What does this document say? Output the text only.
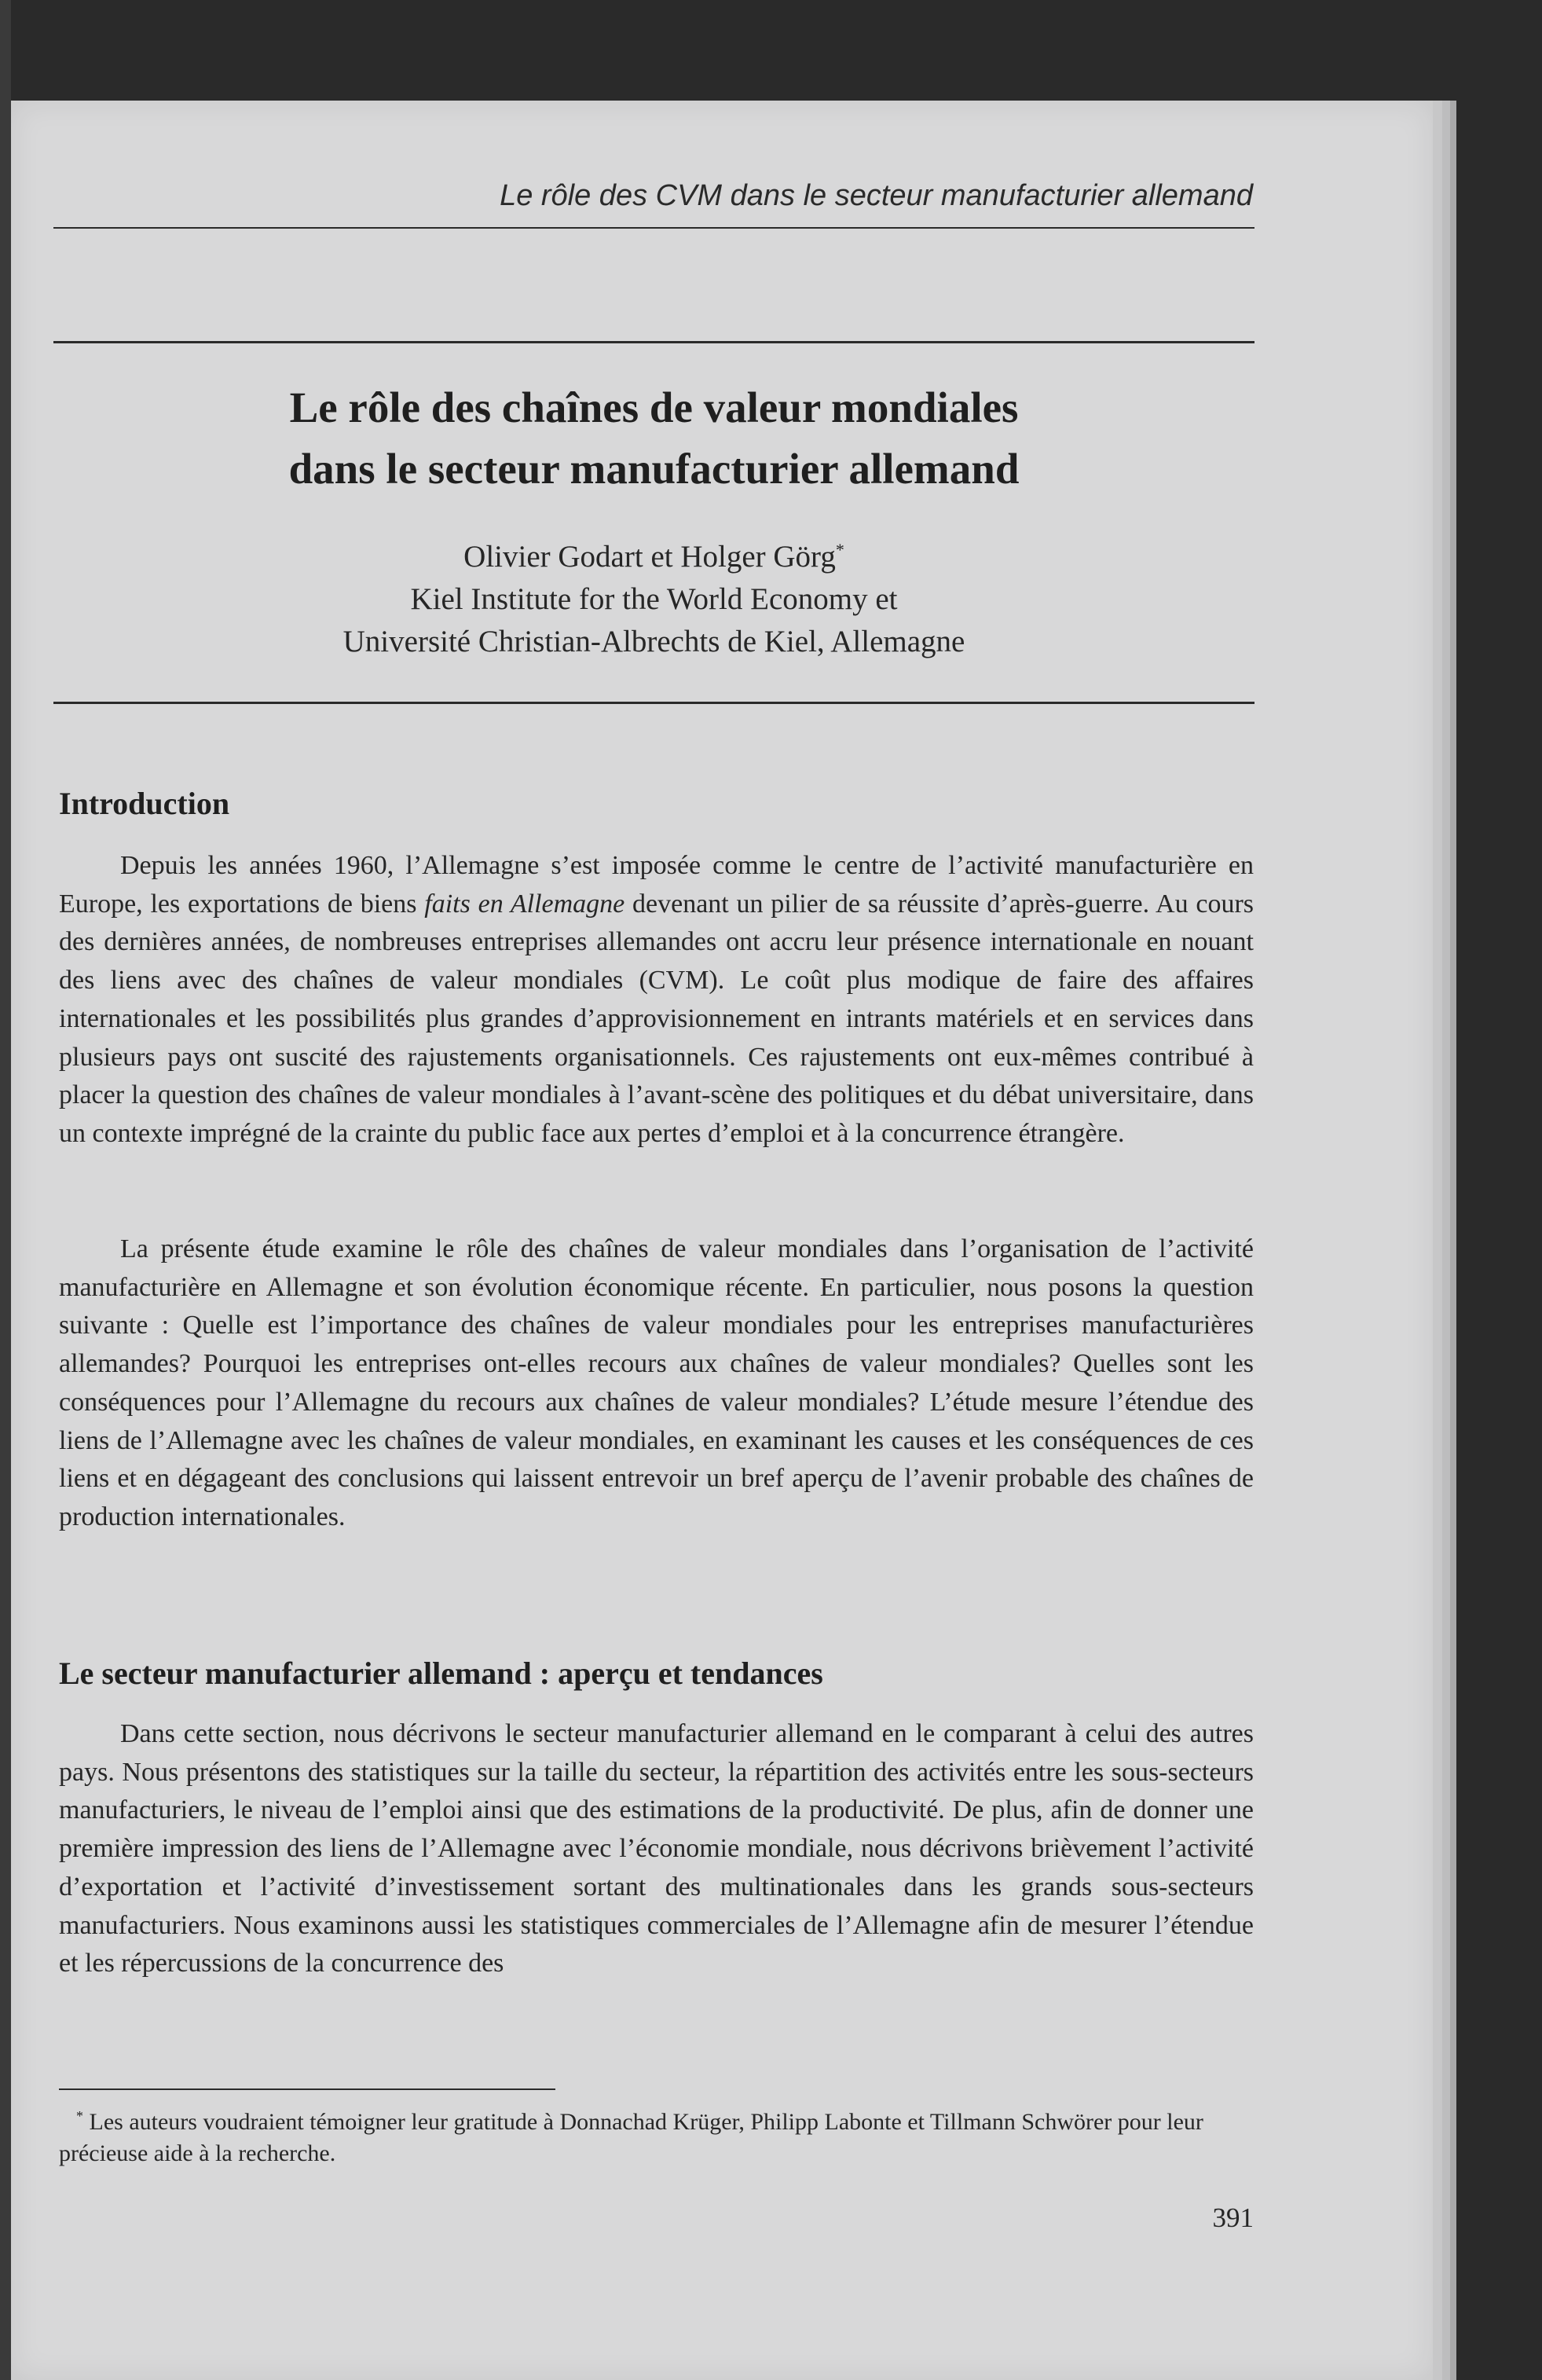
Le rôle des CVM dans le secteur manufacturier allemand
Le rôle des chaînes de valeur mondiales
dans le secteur manufacturier allemand
Olivier Godart et Holger Görg*
Kiel Institute for the World Economy et
Université Christian-Albrechts de Kiel, Allemagne
Introduction

Depuis les années 1960, l’Allemagne s’est imposée comme le centre de l’activité manufacturière en Europe, les exportations de biens faits en Allemagne devenant un pilier de sa réussite d’après-guerre. Au cours des dernières années, de nombreuses entreprises allemandes ont accru leur présence internationale en nouant des liens avec des chaînes de valeur mondiales (CVM). Le coût plus modique de faire des affaires internationales et les possibilités plus grandes d’approvisionnement en intrants matériels et en services dans plusieurs pays ont suscité des rajustements organisationnels. Ces rajustements ont eux-mêmes contribué à placer la question des chaînes de valeur mondiales à l’avant-scène des politiques et du débat universitaire, dans un contexte imprégné de la crainte du public face aux pertes d’emploi et à la concurrence étrangère.

La présente étude examine le rôle des chaînes de valeur mondiales dans l’organisation de l’activité manufacturière en Allemagne et son évolution économique récente. En particulier, nous posons la question suivante : Quelle est l’importance des chaînes de valeur mondiales pour les entreprises manufacturières allemandes? Pourquoi les entreprises ont-elles recours aux chaînes de valeur mondiales? Quelles sont les conséquences pour l’Allemagne du recours aux chaînes de valeur mondiales? L’étude mesure l’étendue des liens de l’Allemagne avec les chaînes de valeur mondiales, en examinant les causes et les conséquences de ces liens et en dégageant des conclusions qui laissent entrevoir un bref aperçu de l’avenir probable des chaînes de production internationales.

Le secteur manufacturier allemand : aperçu et tendances

Dans cette section, nous décrivons le secteur manufacturier allemand en le comparant à celui des autres pays. Nous présentons des statistiques sur la taille du secteur, la répartition des activités entre les sous-secteurs manufacturiers, le niveau de l’emploi ainsi que des estimations de la productivité. De plus, afin de donner une première impression des liens de l’Allemagne avec l’économie mondiale, nous décrivons brièvement l’activité d’exportation et l’activité d’investissement sortant des multinationales dans les grands sous-secteurs manufacturiers. Nous examinons aussi les statistiques commerciales de l’Allemagne afin de mesurer l’étendue et les répercussions de la concurrence des

* Les auteurs voudraient témoigner leur gratitude à Donnachad Krüger, Philipp Labonte et Tillmann Schwörer pour leur précieuse aide à la recherche.

391
